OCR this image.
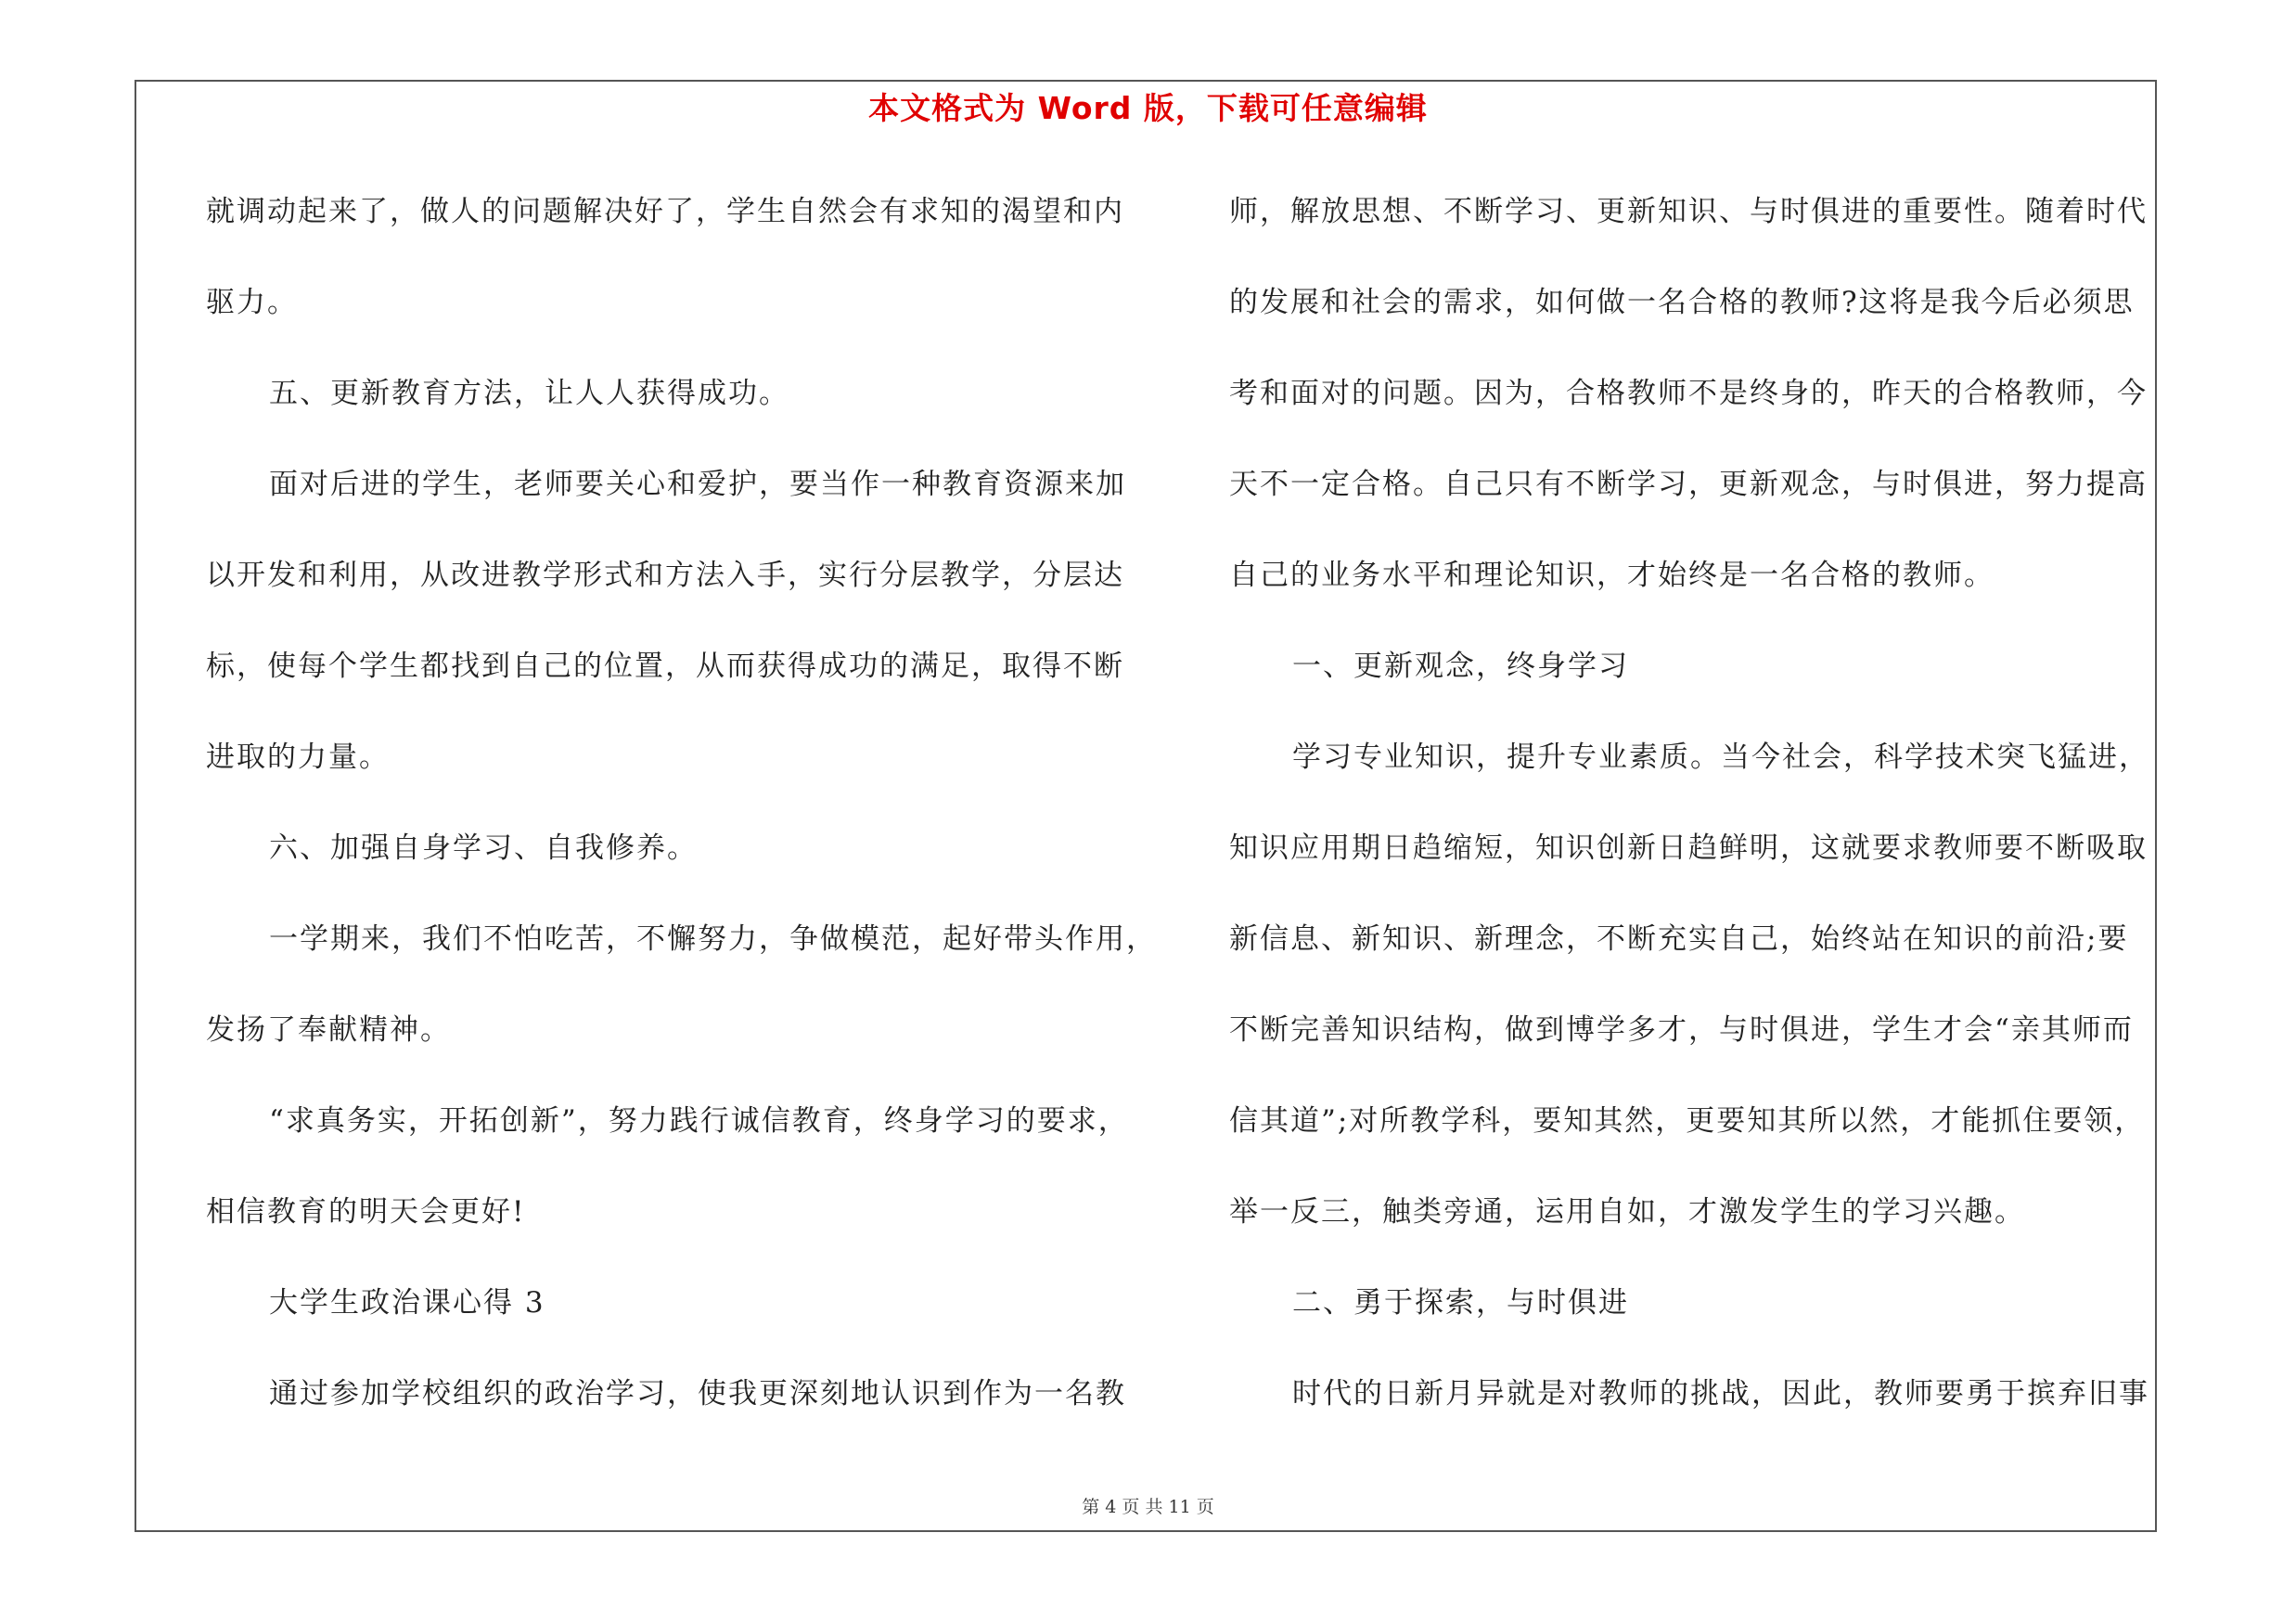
本文格式为 Word 版，下载可任意编辑
就调动起来了，做人的问题解决好了，学生自然会有求知的渴望和内
驱力。
五、更新教育方法，让人人获得成功。
面对后进的学生，老师要关心和爱护，要当作一种教育资源来加
以开发和利用，从改进教学形式和方法入手，实行分层教学，分层达
标，使每个学生都找到自己的位置，从而获得成功的满足，取得不断
进取的力量。
六、加强自身学习、自我修养。
一学期来，我们不怕吃苦，不懈努力，争做模范，起好带头作用，
发扬了奉献精神。
“求真务实，开拓创新”，努力践行诚信教育，终身学习的要求，
相信教育的明天会更好!
大学生政治课心得 3
通过参加学校组织的政治学习，使我更深刻地认识到作为一名教
师，解放思想、不断学习、更新知识、与时俱进的重要性。随着时代
的发展和社会的需求，如何做一名合格的教师?这将是我今后必须思
考和面对的问题。因为，合格教师不是终身的，昨天的合格教师，今
天不一定合格。自己只有不断学习，更新观念，与时俱进，努力提高
自己的业务水平和理论知识，才始终是一名合格的教师。
一、更新观念，终身学习
学习专业知识，提升专业素质。当今社会，科学技术突飞猛进，
知识应用期日趋缩短，知识创新日趋鲜明，这就要求教师要不断吸取
新信息、新知识、新理念，不断充实自己，始终站在知识的前沿;要
不断完善知识结构，做到博学多才，与时俱进，学生才会“亲其师而
信其道”;对所教学科，要知其然，更要知其所以然，才能抓住要领，
举一反三，触类旁通，运用自如，才激发学生的学习兴趣。
二、勇于探索，与时俱进
时代的日新月异就是对教师的挑战，因此，教师要勇于摈弃旧事
第 4 页 共 11 页
